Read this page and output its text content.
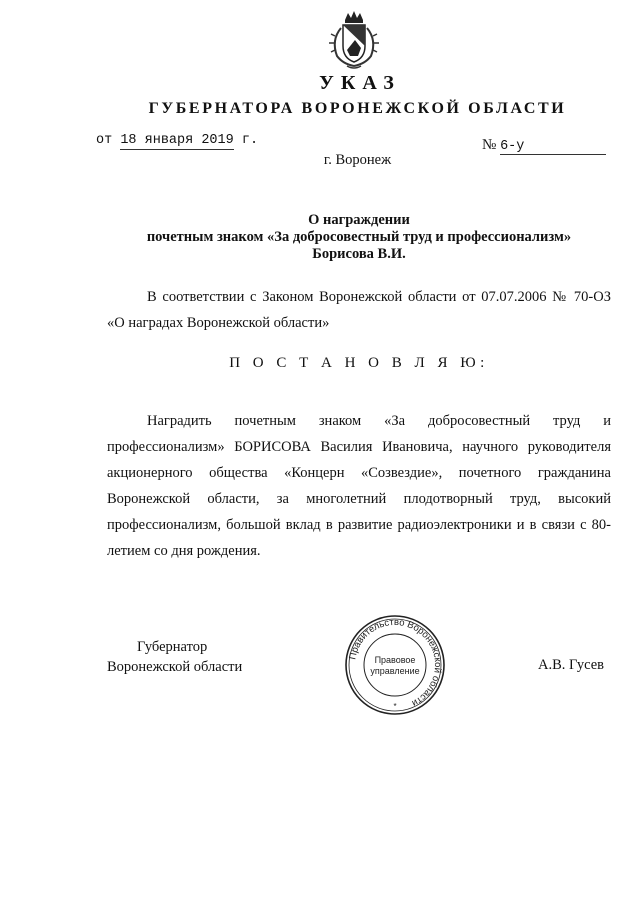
УКАЗ
ГУБЕРНАТОРА ВОРОНЕЖСКОЙ ОБЛАСТИ
от 18 января 2019 г.	№ 6-у
г. Воронеж
О награждении
почетным знаком «За добросовестный труд и профессионализм»
Борисова В.И.
В соответствии с Законом Воронежской области от 07.07.2006 № 70-ОЗ «О наградах Воронежской области»
П О С Т А Н О В Л Я Ю:
Наградить почетным знаком «За добросовестный труд и профессионализм» БОРИСОВА Василия Ивановича, научного руководителя акционерного общества «Концерн «Созвездие», почетного гражданина Воронежской области, за многолетний плодотворный труд, высокий профессионализм, большой вклад в развитие радиоэлектроники и в связи с 80-летием со дня рождения.
Губернатор
Воронежской области
Правительство Воронежской области
Правовое
управление
*
А.В. Гусев
